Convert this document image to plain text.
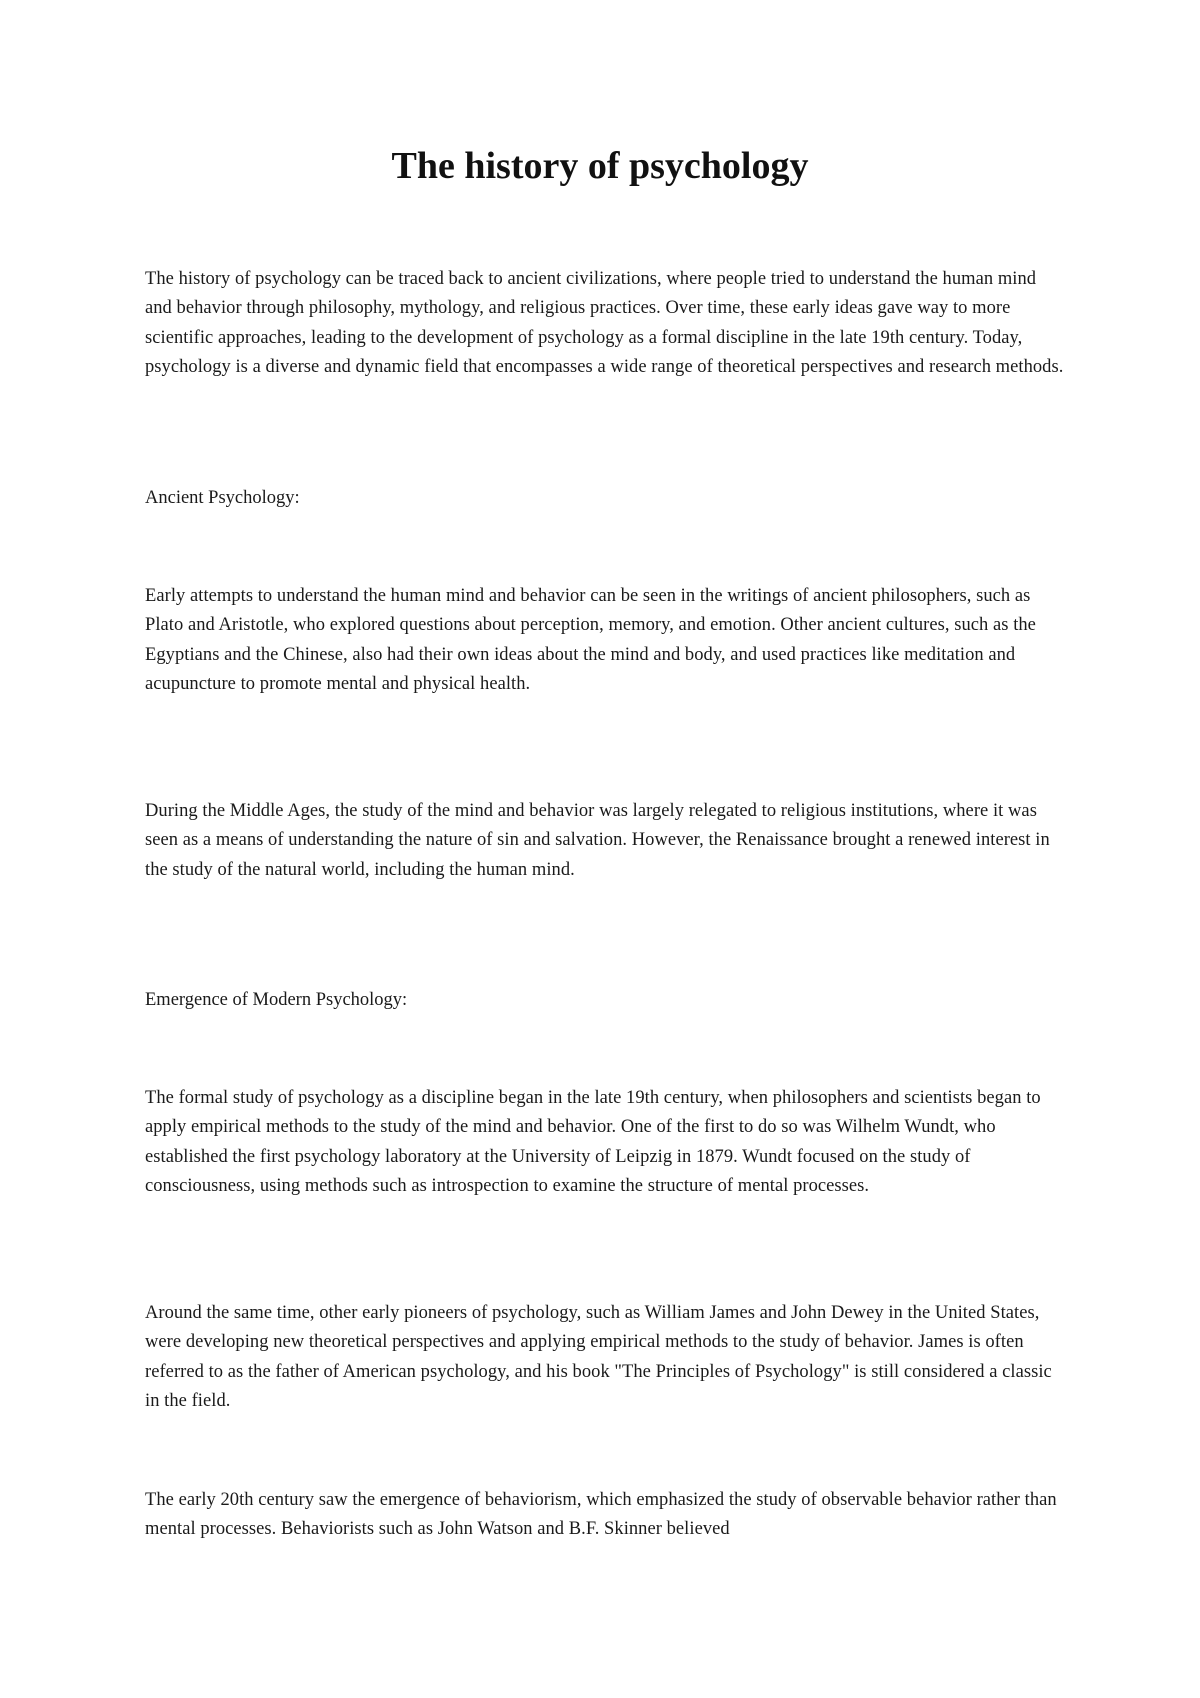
The history of psychology

The history of psychology can be traced back to ancient civilizations, where people tried to understand the human mind and behavior through philosophy, mythology, and religious practices. Over time, these early ideas gave way to more scientific approaches, leading to the development of psychology as a formal discipline in the late 19th century. Today, psychology is a diverse and dynamic field that encompasses a wide range of theoretical perspectives and research methods.

Ancient Psychology:

Early attempts to understand the human mind and behavior can be seen in the writings of ancient philosophers, such as Plato and Aristotle, who explored questions about perception, memory, and emotion. Other ancient cultures, such as the Egyptians and the Chinese, also had their own ideas about the mind and body, and used practices like meditation and acupuncture to promote mental and physical health.

During the Middle Ages, the study of the mind and behavior was largely relegated to religious institutions, where it was seen as a means of understanding the nature of sin and salvation. However, the Renaissance brought a renewed interest in the study of the natural world, including the human mind.

Emergence of Modern Psychology:

The formal study of psychology as a discipline began in the late 19th century, when philosophers and scientists began to apply empirical methods to the study of the mind and behavior. One of the first to do so was Wilhelm Wundt, who established the first psychology laboratory at the University of Leipzig in 1879. Wundt focused on the study of consciousness, using methods such as introspection to examine the structure of mental processes.

Around the same time, other early pioneers of psychology, such as William James and John Dewey in the United States, were developing new theoretical perspectives and applying empirical methods to the study of behavior. James is often referred to as the father of American psychology, and his book "The Principles of Psychology" is still considered a classic in the field.

The early 20th century saw the emergence of behaviorism, which emphasized the study of observable behavior rather than mental processes. Behaviorists such as John Watson and B.F. Skinner believed
